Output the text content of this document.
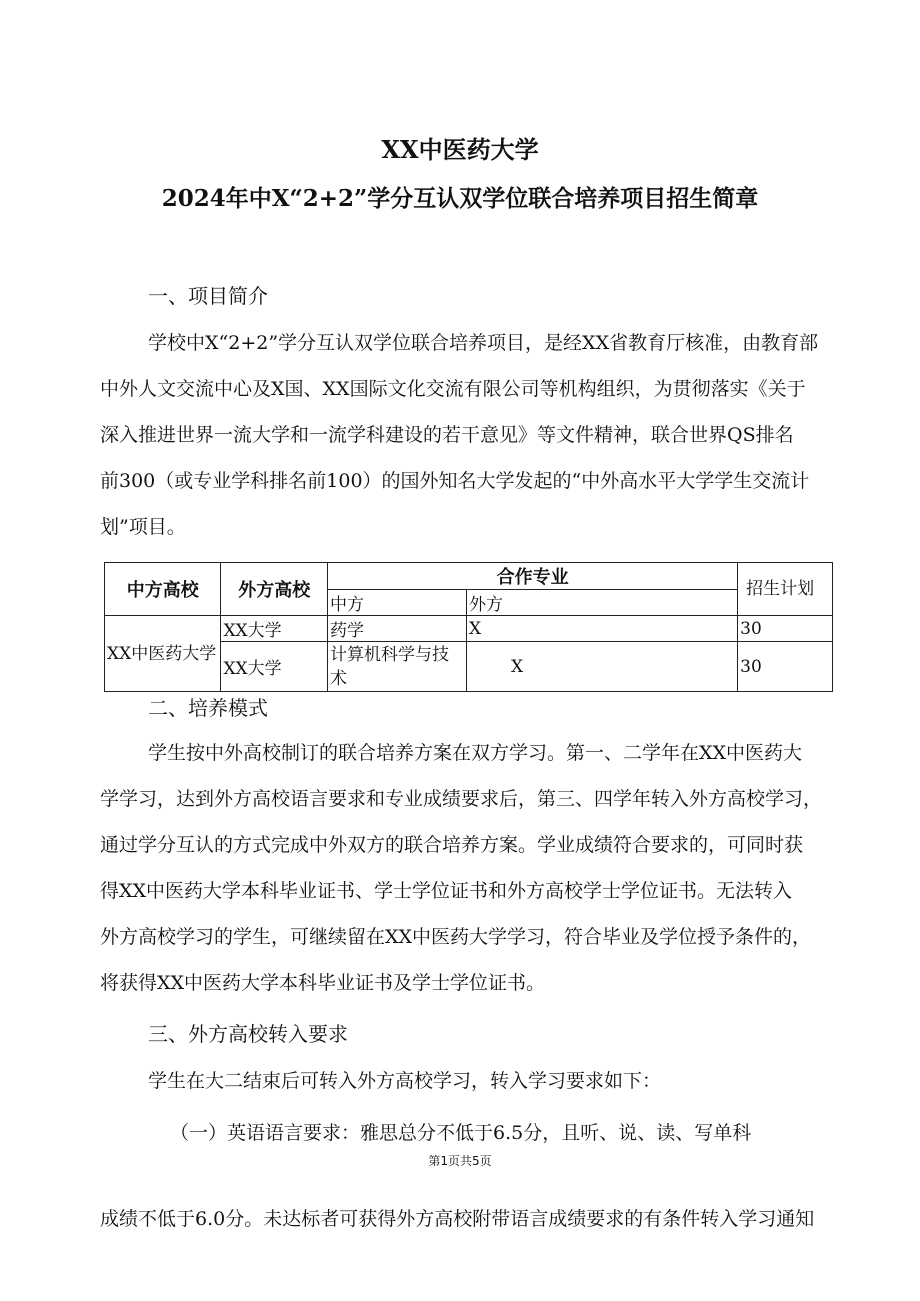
XX中医药大学
2024年中X“2+2”学分互认双学位联合培养项目招生简章
一、项目简介
学校中X“2+2”学分互认双学位联合培养项目，是经XX省教育厅核准，由教育部
中外人文交流中心及X国、XX国际文化交流有限公司等机构组织，为贯彻落实《关于
深入推进世界一流大学和一流学科建设的若干意见》等文件精神，联合世界QS排名
前300（或专业学科排名前100）的国外知名大学发起的“中外高水平大学学生交流计
划”项目。
中方高校	外方高校	合作专业		招生计划
		中方	外方	
XX中医药大学	XX大学	药学	X	30
	XX大学	计算机科学与技术	X	30
二、培养模式
学生按中外高校制订的联合培养方案在双方学习。第一、二学年在XX中医药大
学学习，达到外方高校语言要求和专业成绩要求后，第三、四学年转入外方高校学习，
通过学分互认的方式完成中外双方的联合培养方案。学业成绩符合要求的，可同时获
得XX中医药大学本科毕业证书、学士学位证书和外方高校学士学位证书。无法转入
外方高校学习的学生，可继续留在XX中医药大学学习，符合毕业及学位授予条件的，
将获得XX中医药大学本科毕业证书及学士学位证书。
三、外方高校转入要求
学生在大二结束后可转入外方高校学习，转入学习要求如下：
（一）英语语言要求：雅思总分不低于6.5分，且听、说、读、写单科
第1页共5页
成绩不低于6.0分。未达标者可获得外方高校附带语言成绩要求的有条件转入学习通知
